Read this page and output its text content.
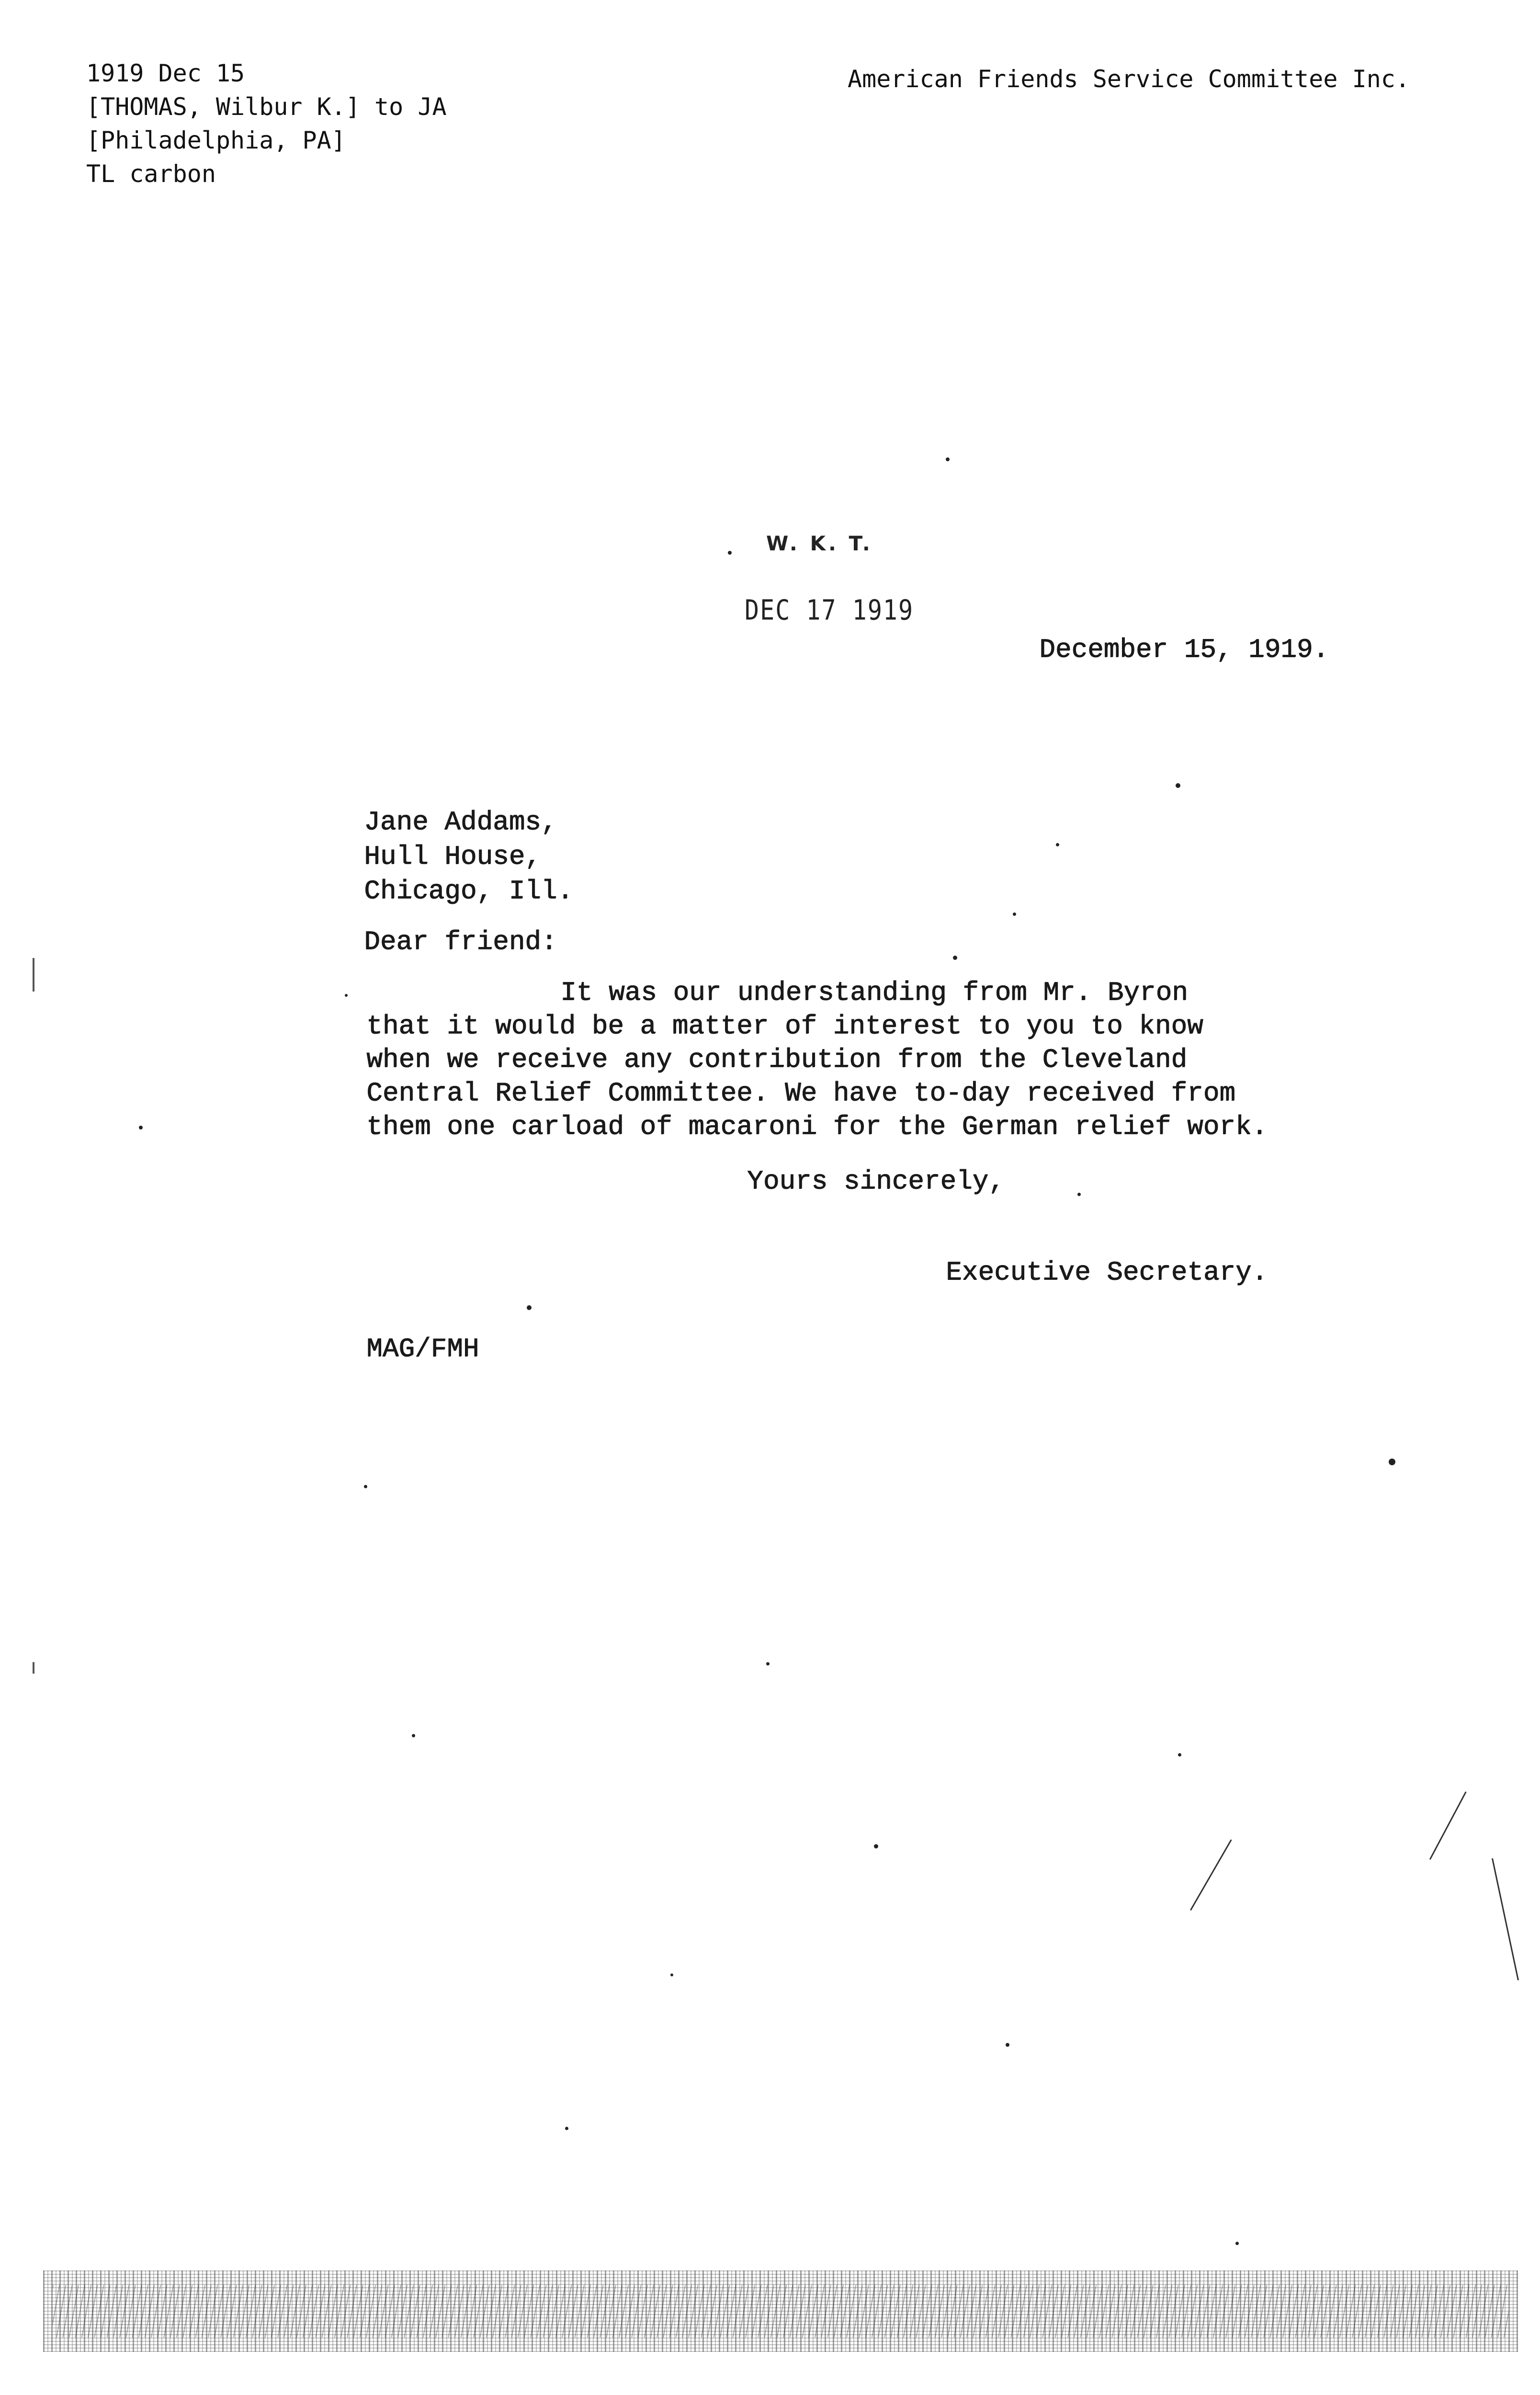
1919 Dec 15
[THOMAS, Wilbur K.] to JA
[Philadelphia, PA]
TL carbon
American Friends Service Committee Inc.
W. K. T.
DEC 17 1919
December 15, 1919.
Jane Addams,
Hull House,
Chicago, Ill.
Dear friend:
It was our understanding from Mr. Byron
that it would be a matter of interest to you to know
when we receive any contribution from the Cleveland
Central Relief Committee. We have to-day received from
them one carload of macaroni for the German relief work.
Yours sincerely,
Executive Secretary.
MAG/FMH
